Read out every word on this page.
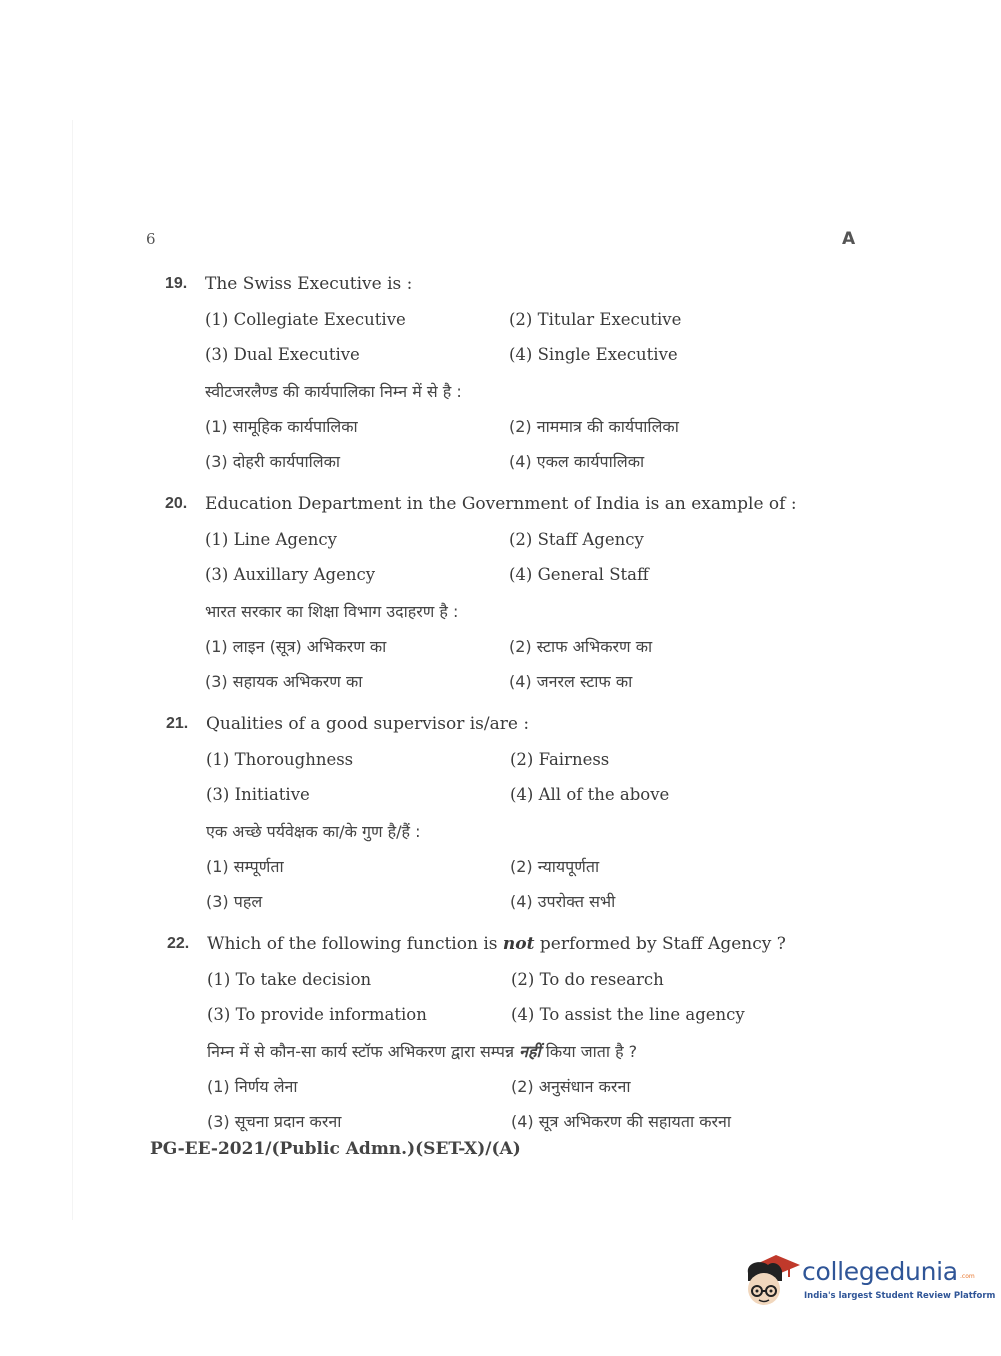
6	A
19. The Swiss Executive is :
(1) Collegiate Executive	(2) Titular Executive
(3) Dual Executive	(4) Single Executive
स्वीटजरलैण्ड की कार्यपालिका निम्न में से है :
(1) सामूहिक कार्यपालिका	(2) नाममात्र की कार्यपालिका
(3) दोहरी कार्यपालिका	(4) एकल कार्यपालिका
20. Education Department in the Government of India is an example of :
(1) Line Agency	(2) Staff Agency
(3) Auxillary Agency	(4) General Staff
भारत सरकार का शिक्षा विभाग उदाहरण है :
(1) लाइन (सूत्र) अभिकरण का	(2) स्टाफ अभिकरण का
(3) सहायक अभिकरण का	(4) जनरल स्टाफ का
21. Qualities of a good supervisor is/are :
(1) Thoroughness	(2) Fairness
(3) Initiative	(4) All of the above
एक अच्छे पर्यवेक्षक का/के गुण है/हैं :
(1) सम्पूर्णता	(2) न्यायपूर्णता
(3) पहल	(4) उपरोक्त सभी
22. Which of the following function is not performed by Staff Agency ?
(1) To take decision	(2) To do research
(3) To provide information	(4) To assist the line agency
निम्न में से कौन-सा कार्य स्टॉफ अभिकरण द्वारा सम्पन्न नहीं किया जाता है ?
(1) निर्णय लेना	(2) अनुसंधान करना
(3) सूचना प्रदान करना	(4) सूत्र अभिकरण की सहायता करना
PG-EE-2021/(Public Admn.)(SET-X)/(A)
collegedunia .com
India's largest Student Review Platform
